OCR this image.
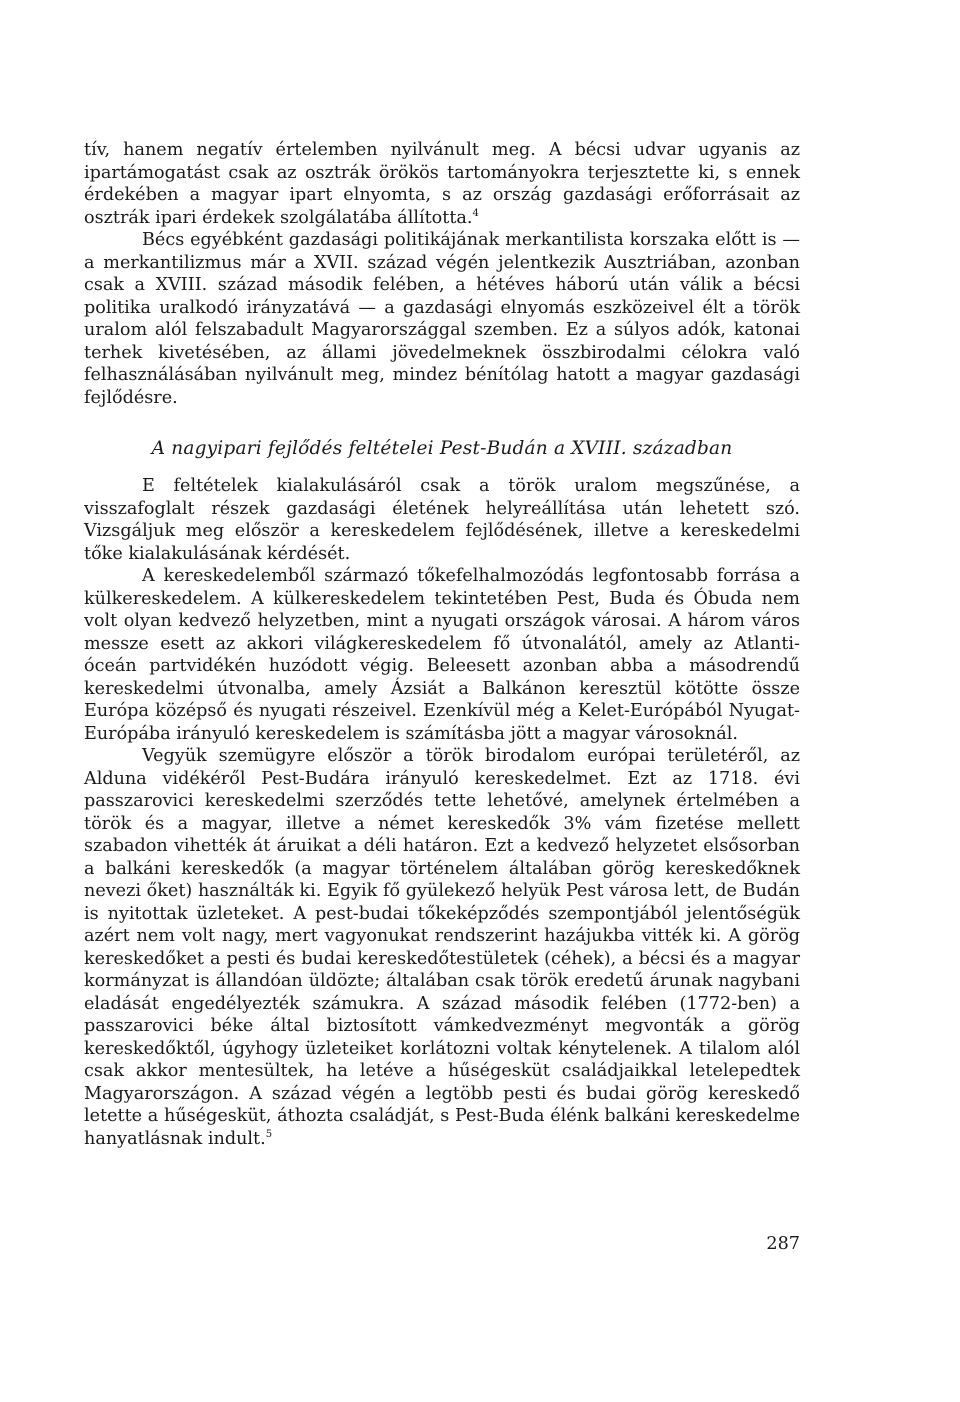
tív, hanem negatív értelemben nyilvánult meg. A bécsi udvar ugyanis az ipartámogatást csak az osztrák örökös tartományokra terjesztette ki, s ennek érdekében a magyar ipart elnyomta, s az ország gazdasági erőforrásait az osztrák ipari érdekek szolgálatába állította.$^4$

Bécs egyébként gazdasági politikájának merkantilista korszaka előtt is — a merkantilizmus már a XVII. század végén jelentkezik Ausztriában, azonban csak a XVIII. század második felében, a hétéves háború után válik a bécsi politika uralkodó irányzatává — a gazdasági elnyomás eszközeivel élt a török uralom alól felszabadult Magyarországgal szemben. Ez a súlyos adók, katonai terhek kivetésében, az állami jövedelmeknek összbirodalmi célokra való felhasználásában nyilvánult meg, mindez bénítólag hatott a magyar gazdasági fejlődésre.

A nagyipari fejlődés feltételei Pest-Budán a XVIII. században

E feltételek kialakulásáról csak a török uralom megszűnése, a visszafoglalt részek gazdasági életének helyreállítása után lehetett szó. Vizsgáljuk meg először a kereskedelem fejlődésének, illetve a kereskedelmi tőke kialakulásának kérdését.

A kereskedelemből származó tőkefelhalmozódás legfontosabb forrása a külkereskedelem. A külkereskedelem tekintetében Pest, Buda és Óbuda nem volt olyan kedvező helyzetben, mint a nyugati országok városai. A három város messze esett az akkori világkereskedelem fő útvonalától, amely az Atlanti-óceán partvidékén huzódott végig. Beleesett azonban abba a másodrendű kereskedelmi útvonalba, amely Ázsiát a Balkánon keresztül kötötte össze Európa középső és nyugati részeivel. Ezenkívül még a Kelet-Európából Nyugat-Európába irányuló kereskedelem is számításba jött a magyar városoknál.

Vegyük szemügyre először a török birodalom európai területéről, az Alduna vidékéről Pest-Budára irányuló kereskedelmet. Ezt az 1718. évi passzarovici kereskedelmi szerződés tette lehetővé, amelynek értelmében a török és a magyar, illetve a német kereskedők 3% vám fizetése mellett szabadon vihették át áruikat a déli határon. Ezt a kedvező helyzetet elsősorban a balkáni kereskedők (a magyar történelem általában görög kereskedőknek nevezi őket) használták ki. Egyik fő gyülekező helyük Pest városa lett, de Budán is nyitottak üzleteket. A pest-budai tőkeképződés szempontjából jelentőségük azért nem volt nagy, mert vagyonukat rendszerint hazájukba vitték ki. A görög kereskedőket a pesti és budai kereskedőtestületek (céhek), a bécsi és a magyar kormányzat is állandóan üldözte; általában csak török eredetű árunak nagybani eladását engedélyezték számukra. A század második felében (1772-ben) a passzarovici béke által biztosított vámkedvezményt megvonták a görög kereskedőktől, úgyhogy üzleteiket korlátozni voltak kénytelenek. A tilalom alól csak akkor mentesültek, ha letéve a hűségesküt családjaikkal letelepedtek Magyarországon. A század végén a legtöbb pesti és budai görög kereskedő letette a hűségesküt, áthozta családját, s Pest-Buda élénk balkáni kereskedelme hanyatlásnak indult.$^5$

287
